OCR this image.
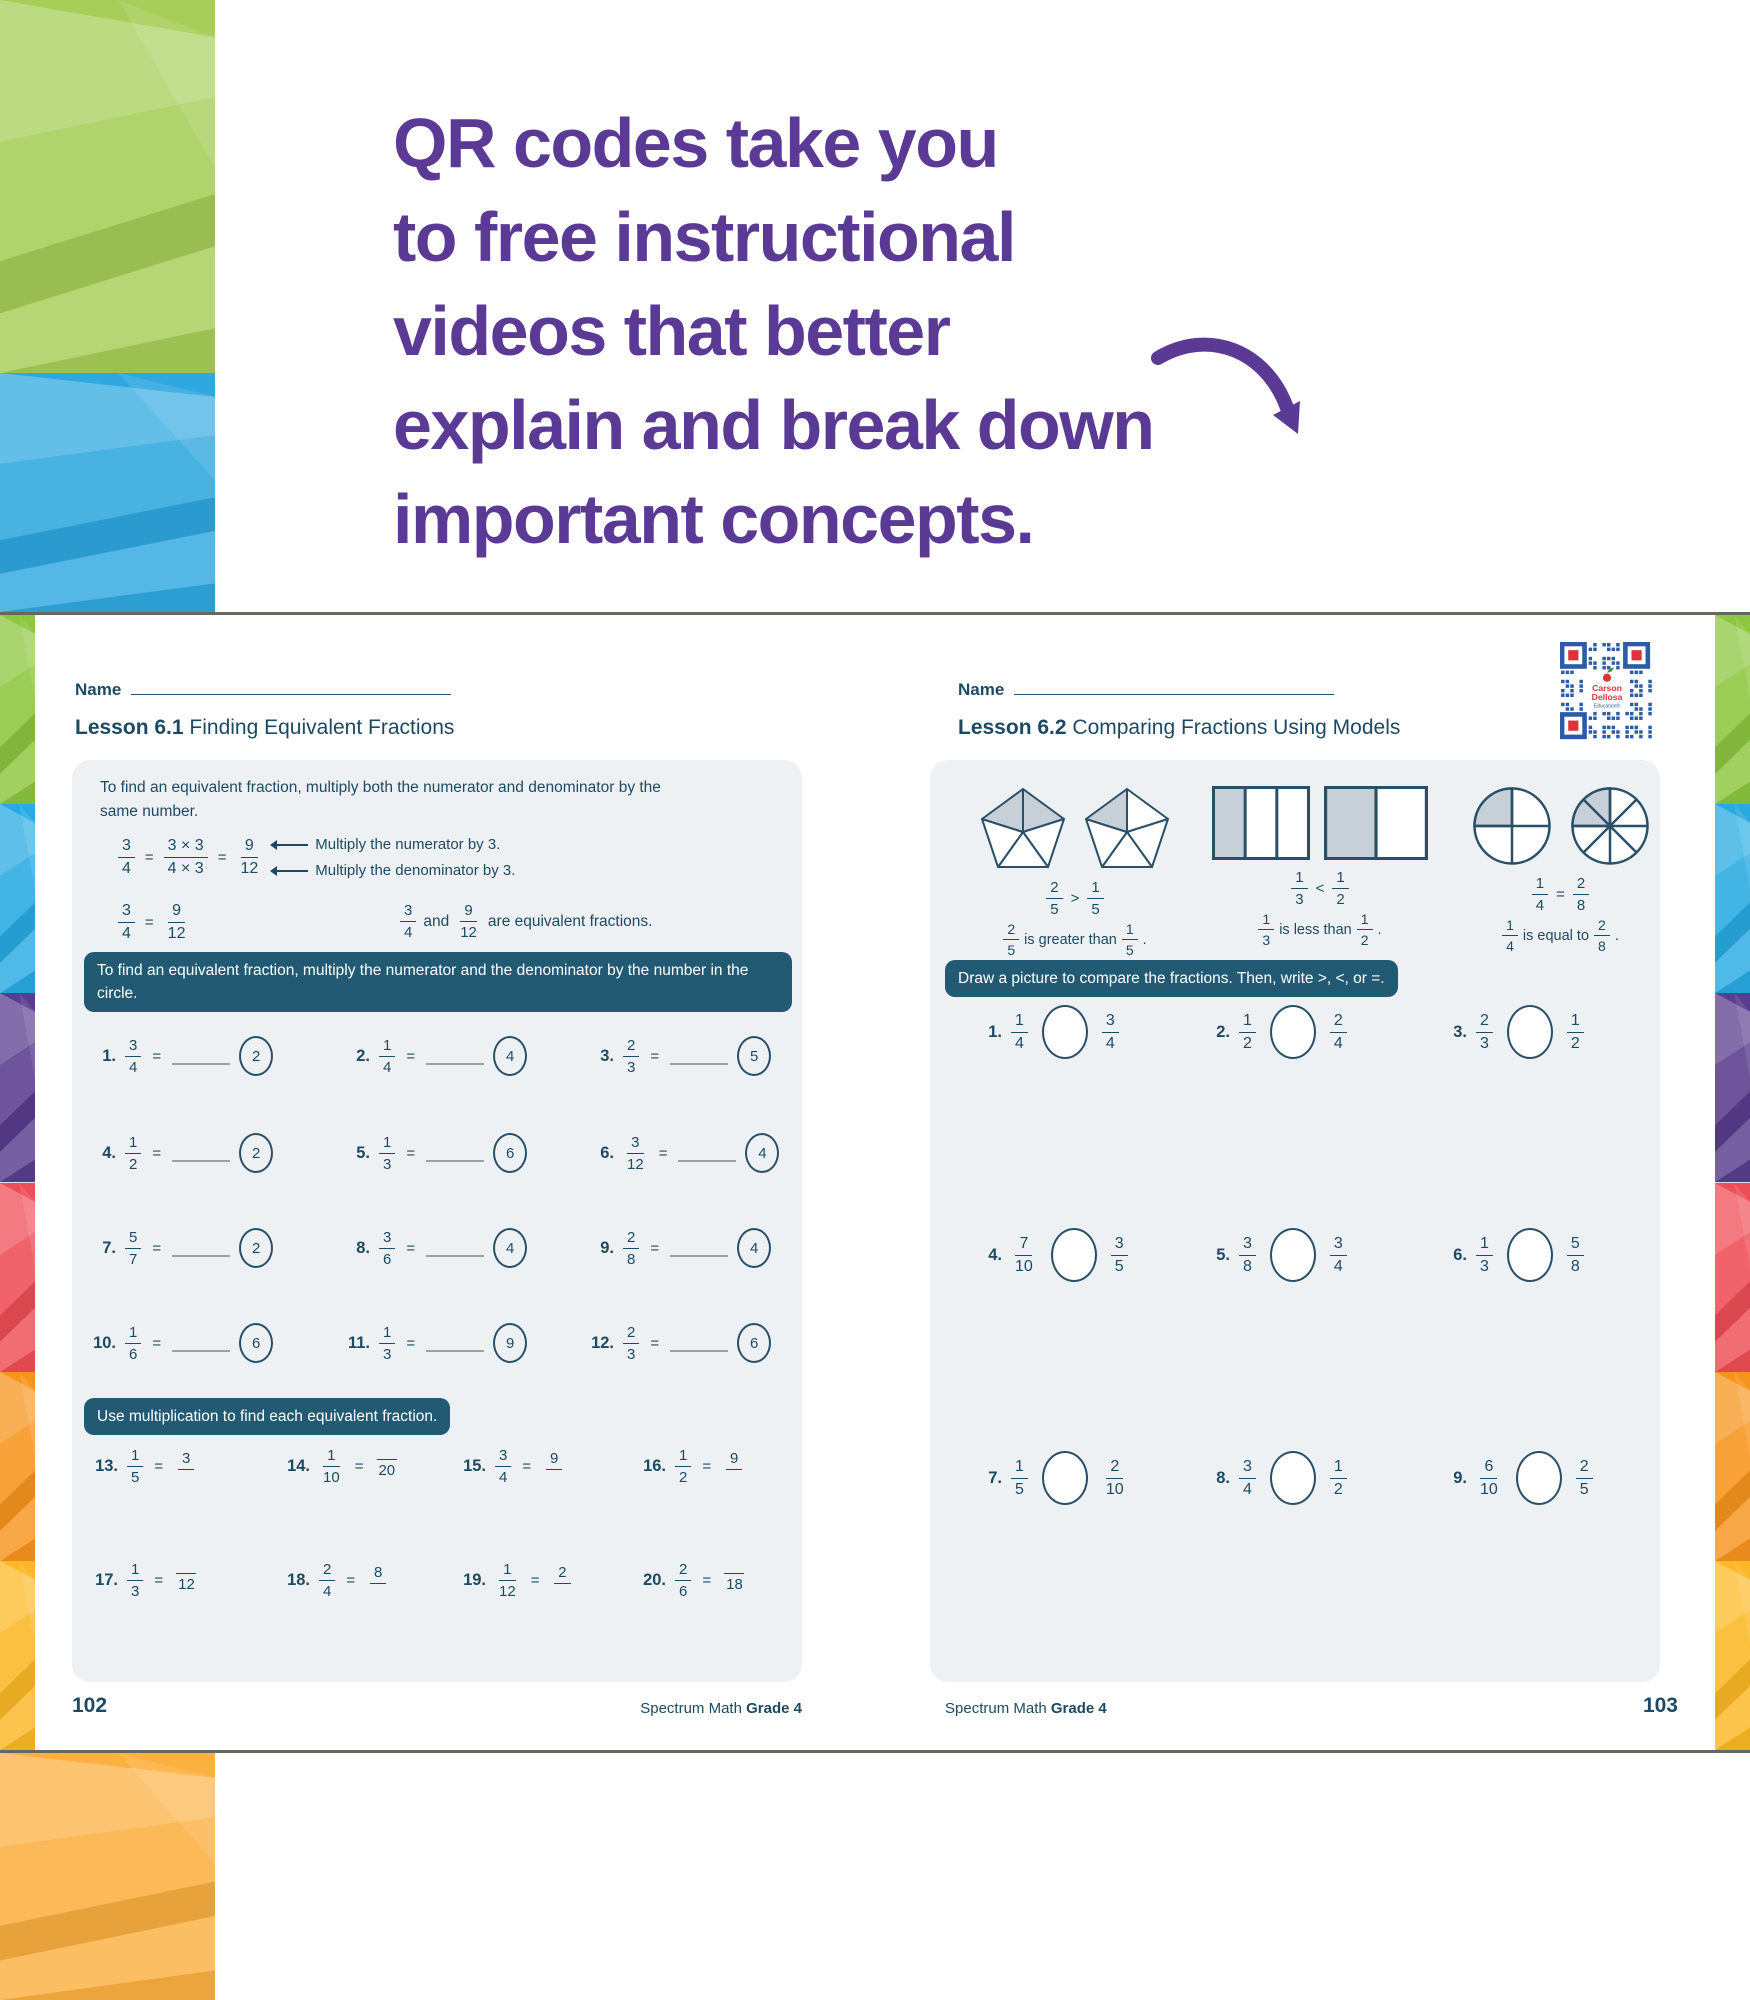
QR codes take you
to free instructional
videos that better
explain and break down
important concepts.
Name
Lesson 6.1 Finding Equivalent Fractions
To find an equivalent fraction, multiply both the numerator and denominator by the same number.
$\frac{3}{4} = \frac{3 \times 3}{4 \times 3} = \frac{9}{12}$	Multiply the numerator by 3.
Multiply the denominator by 3.
$\frac{3}{4} = \frac{9}{12}$	$\frac{3}{4}$ and $\frac{9}{12}$ are equivalent fractions.
To find an equivalent fraction, multiply the numerator and the denominator by the number in the circle.
1. $\frac{3}{4}$ =	2	2. $\frac{1}{4}$ =	4	3. $\frac{2}{3}$ =	5
4. $\frac{1}{2}$ =	2	5. $\frac{1}{3}$ =	6	6. $\frac{3}{12}$ =	4
7. $\frac{5}{7}$ =	2	8. $\frac{3}{6}$ =	4	9. $\frac{2}{8}$ =	4
10. $\frac{1}{6}$ =	6	11. $\frac{1}{3}$ =	9	12. $\frac{2}{3}$ =	6
Use multiplication to find each equivalent fraction.
13. $\frac{1}{5} = 3$	14. $\frac{1}{10} = 20$	15. $\frac{3}{4} = 9$	16. $\frac{1}{2} = 9$
17. $\frac{1}{3} = 12$	18. $\frac{2}{4} = 8$	19. $\frac{1}{12} = 2$	20. $\frac{2}{6} = 18$
102	Spectrum Math Grade 4
Name
Lesson 6.2 Comparing Fractions Using Models
Carson
Dellosa
Education®
$\frac{2}{5} > \frac{1}{5}$
$\frac{2}{5}$ is greater than $\frac{1}{5}$ .
$\frac{1}{3} < \frac{1}{2}$
$\frac{1}{3}$ is less than $\frac{1}{2}$ .
$\frac{1}{4} = \frac{2}{8}$
$\frac{1}{4}$ is equal to $\frac{2}{8}$ .
Draw a picture to compare the fractions. Then, write >, <, or =.
1. $\frac{1}{4}$	$\frac{3}{4}$	2. $\frac{1}{2}$	$\frac{2}{4}$	3. $\frac{2}{3}$	$\frac{1}{2}$
4. $\frac{7}{10}$	$\frac{3}{5}$	5. $\frac{3}{8}$	$\frac{3}{4}$	6. $\frac{1}{3}$	$\frac{5}{8}$
7. $\frac{1}{5}$	$\frac{2}{10}$	8. $\frac{3}{4}$	$\frac{1}{2}$	9. $\frac{6}{10}$	$\frac{2}{5}$
Spectrum Math Grade 4	103
